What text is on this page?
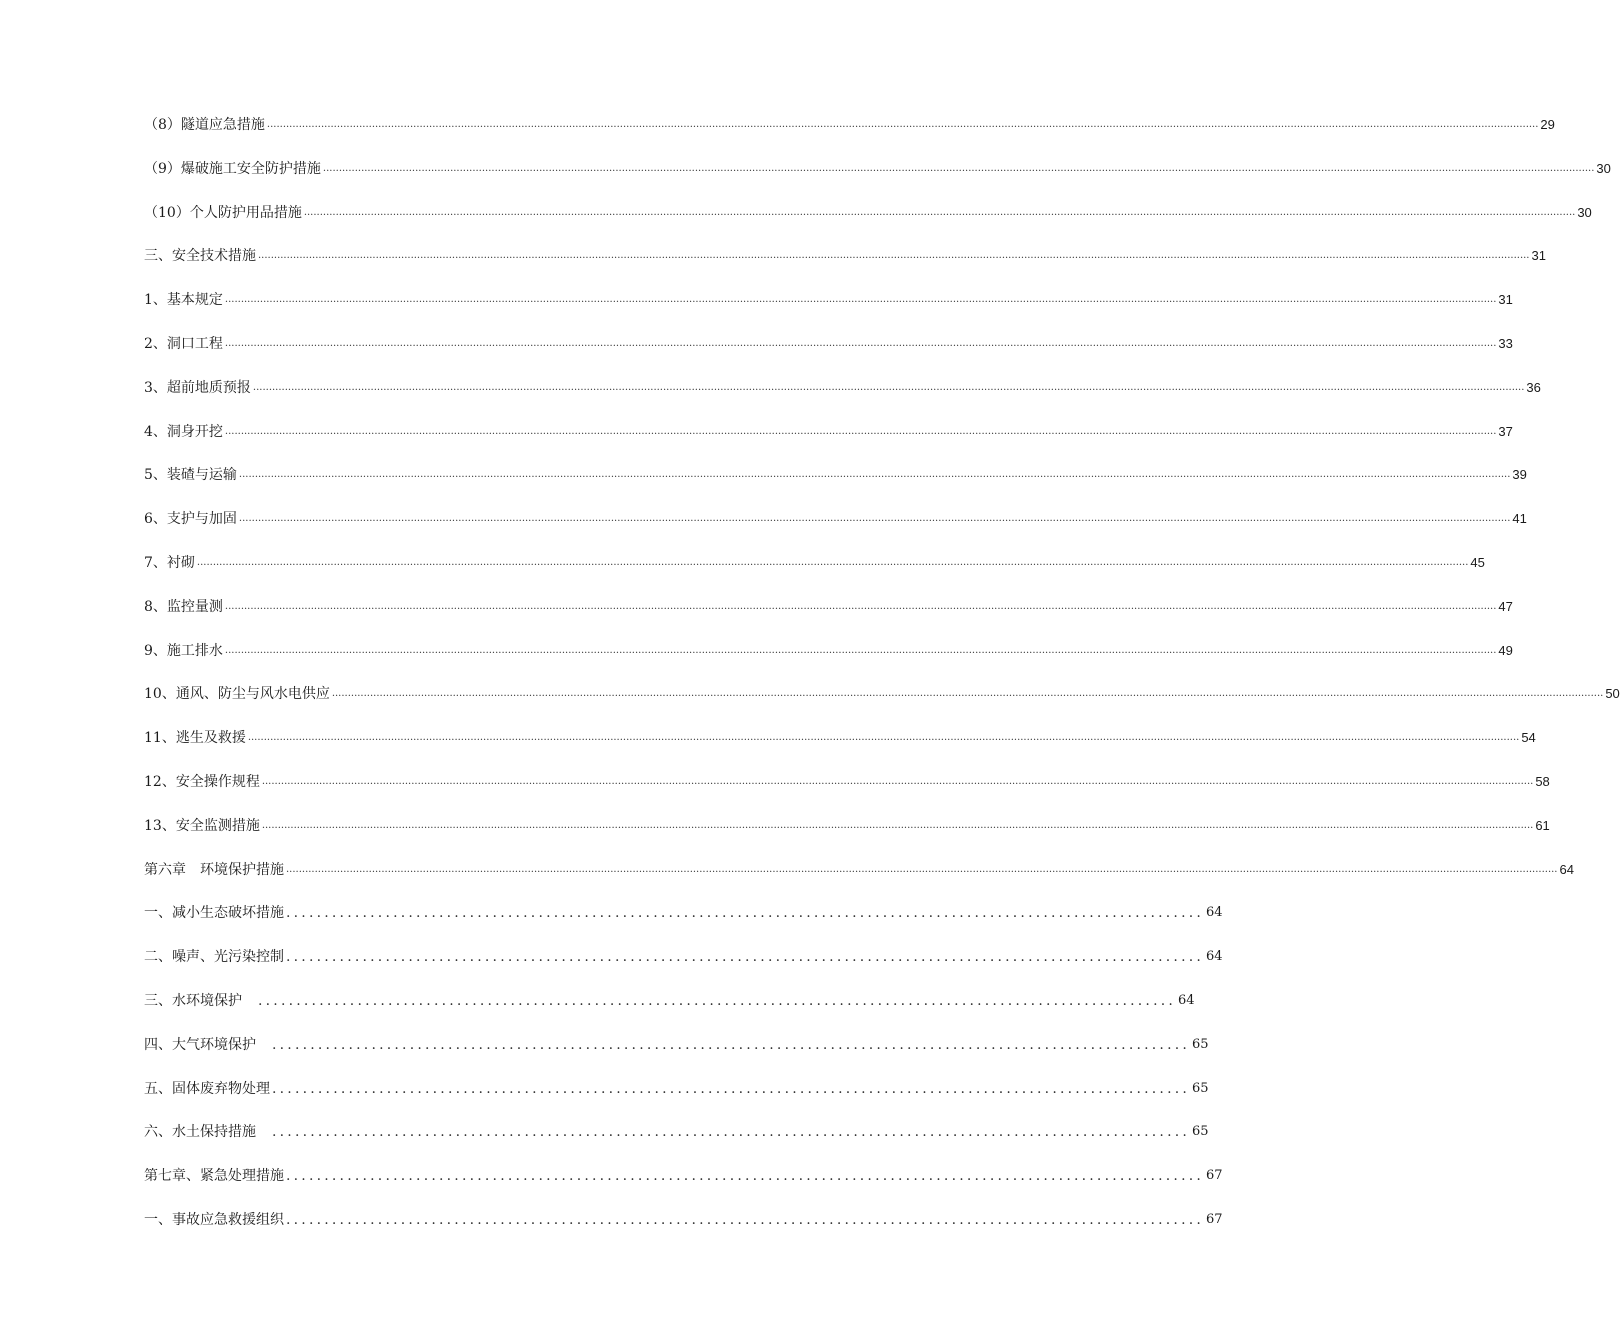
（8）隧道应急措施 ................................................................................................................................................................................................................................................................................................................................................................................................................ 29
（9）爆破施工安全防护措施 ................................................................................................................................................................................................................................................................................................................................................................................................................ 30
（10）个人防护用品措施 ................................................................................................................................................................................................................................................................................................................................................................................................................ 30
三、安全技术措施 ................................................................................................................................................................................................................................................................................................................................................................................................................ 31
1、基本规定 ................................................................................................................................................................................................................................................................................................................................................................................................................ 31
2、洞口工程 ................................................................................................................................................................................................................................................................................................................................................................................................................ 33
3、超前地质预报 ................................................................................................................................................................................................................................................................................................................................................................................................................ 36
4、洞身开挖 ................................................................................................................................................................................................................................................................................................................................................................................................................ 37
5、装碴与运输 ................................................................................................................................................................................................................................................................................................................................................................................................................ 39
6、支护与加固 ................................................................................................................................................................................................................................................................................................................................................................................................................ 41
7、衬砌 ................................................................................................................................................................................................................................................................................................................................................................................................................ 45
8、监控量测 ................................................................................................................................................................................................................................................................................................................................................................................................................ 47
9、施工排水 ................................................................................................................................................................................................................................................................................................................................................................................................................ 49
10、通风、防尘与风水电供应 ................................................................................................................................................................................................................................................................................................................................................................................................................ 50
11、逃生及救援 ................................................................................................................................................................................................................................................................................................................................................................................................................ 54
12、安全操作规程 ................................................................................................................................................................................................................................................................................................................................................................................................................ 58
13、安全监测措施 ................................................................................................................................................................................................................................................................................................................................................................................................................ 61
第六章　环境保护措施 ................................................................................................................................................................................................................................................................................................................................................................................................................ 64
一、减小生态破坏措施 ........................................................................................................................ 64
二、噪声、光污染控制 ........................................................................................................................ 64
三、水环境保护　 ........................................................................................................................ 64
四、大气环境保护　 ........................................................................................................................ 65
五、固体废弃物处理 ........................................................................................................................ 65
六、水土保持措施　 ........................................................................................................................ 65
第七章、紧急处理措施 ........................................................................................................................ 67
一、事故应急救援组织 ........................................................................................................................ 67
